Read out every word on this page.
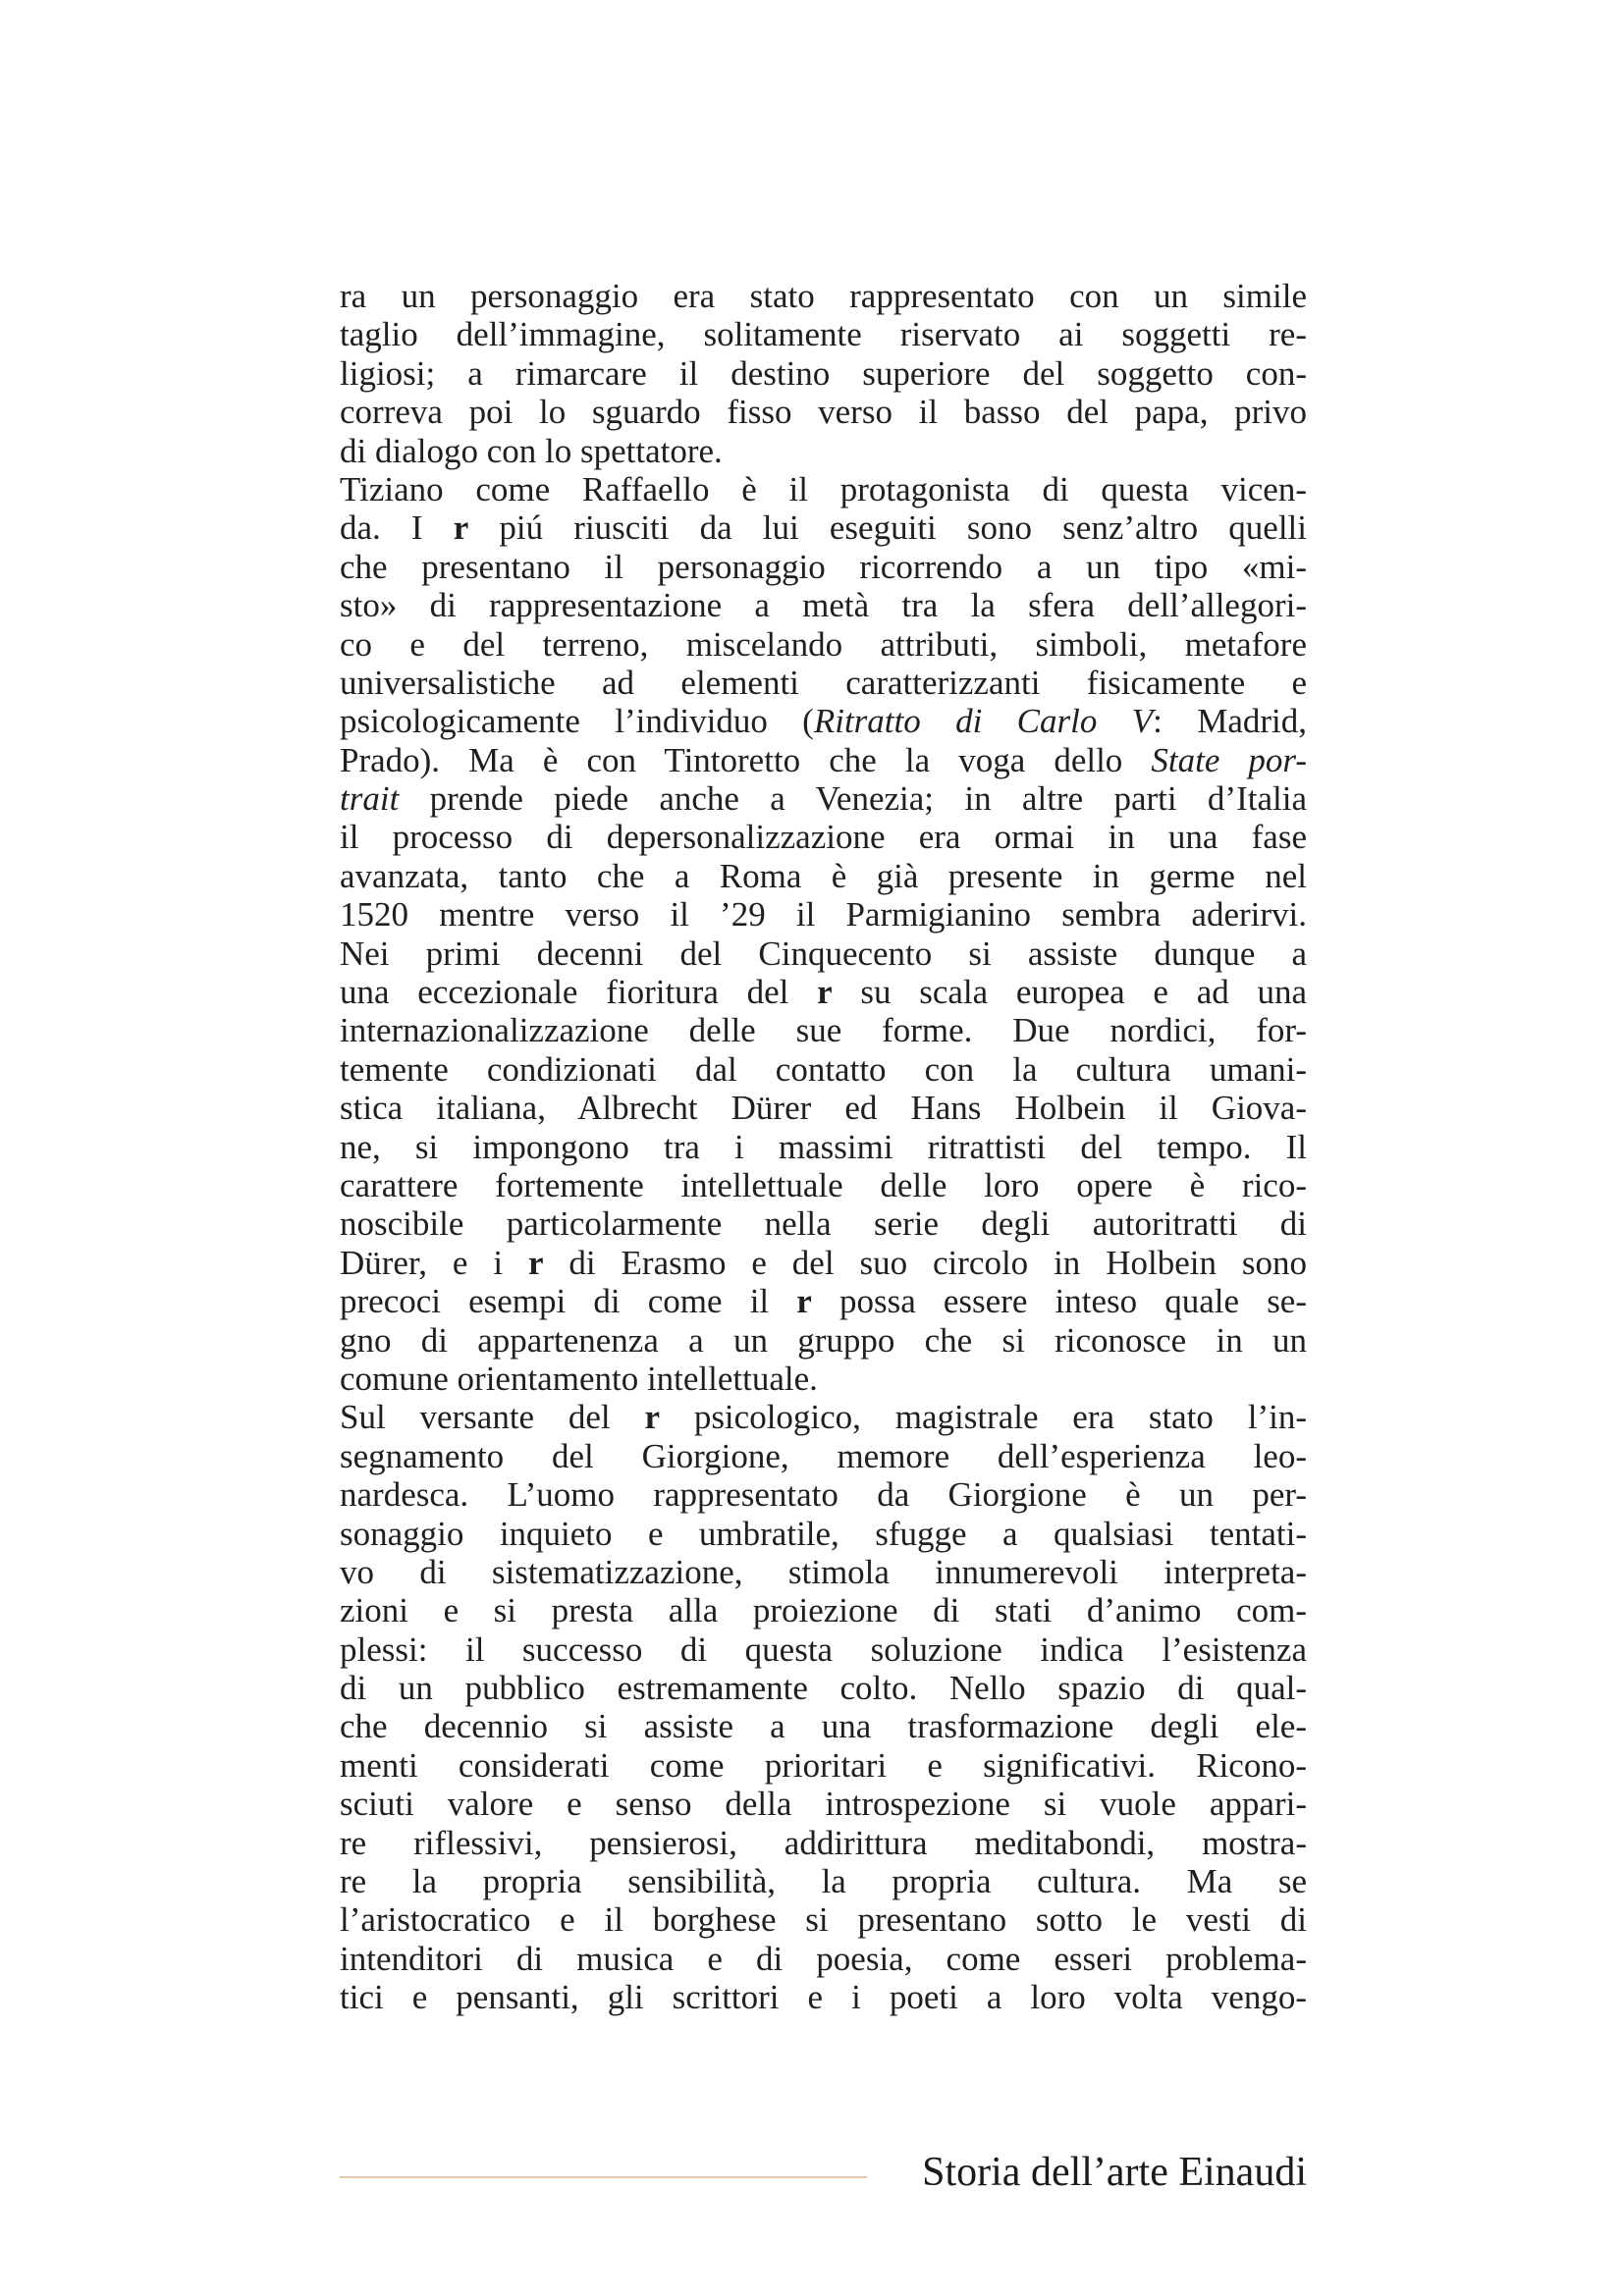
ra un personaggio era stato rappresentato con un simile
taglio dell’immagine, solitamente riservato ai soggetti re-
ligiosi; a rimarcare il destino superiore del soggetto con-
correva poi lo sguardo fisso verso il basso del papa, privo
di dialogo con lo spettatore.
Tiziano come Raffaello è il protagonista di questa vicen-
da. I r piú riusciti da lui eseguiti sono senz’altro quelli
che presentano il personaggio ricorrendo a un tipo «mi-
sto» di rappresentazione a metà tra la sfera dell’allegori-
co e del terreno, miscelando attributi, simboli, metafore
universalistiche ad elementi caratterizzanti fisicamente e
psicologicamente l’individuo (Ritratto di Carlo V: Madrid,
Prado). Ma è con Tintoretto che la voga dello State por-
trait prende piede anche a Venezia; in altre parti d’Italia
il processo di depersonalizzazione era ormai in una fase
avanzata, tanto che a Roma è già presente in germe nel
1520 mentre verso il ’29 il Parmigianino sembra aderirvi.
Nei primi decenni del Cinquecento si assiste dunque a
una eccezionale fioritura del r su scala europea e ad una
internazionalizzazione delle sue forme. Due nordici, for-
temente condizionati dal contatto con la cultura umani-
stica italiana, Albrecht Dürer ed Hans Holbein il Giova-
ne, si impongono tra i massimi ritrattisti del tempo. Il
carattere fortemente intellettuale delle loro opere è rico-
noscibile particolarmente nella serie degli autoritratti di
Dürer, e i r di Erasmo e del suo circolo in Holbein sono
precoci esempi di come il r possa essere inteso quale se-
gno di appartenenza a un gruppo che si riconosce in un
comune orientamento intellettuale.
Sul versante del r psicologico, magistrale era stato l’in-
segnamento del Giorgione, memore dell’esperienza leo-
nardesca. L’uomo rappresentato da Giorgione è un per-
sonaggio inquieto e umbratile, sfugge a qualsiasi tentati-
vo di sistematizzazione, stimola innumerevoli interpreta-
zioni e si presta alla proiezione di stati d’animo com-
plessi: il successo di questa soluzione indica l’esistenza
di un pubblico estremamente colto. Nello spazio di qual-
che decennio si assiste a una trasformazione degli ele-
menti considerati come prioritari e significativi. Ricono-
sciuti valore e senso della introspezione si vuole appari-
re riflessivi, pensierosi, addirittura meditabondi, mostra-
re la propria sensibilità, la propria cultura. Ma se
l’aristocratico e il borghese si presentano sotto le vesti di
intenditori di musica e di poesia, come esseri problema-
tici e pensanti, gli scrittori e i poeti a loro volta vengo-
Storia dell’arte Einaudi
